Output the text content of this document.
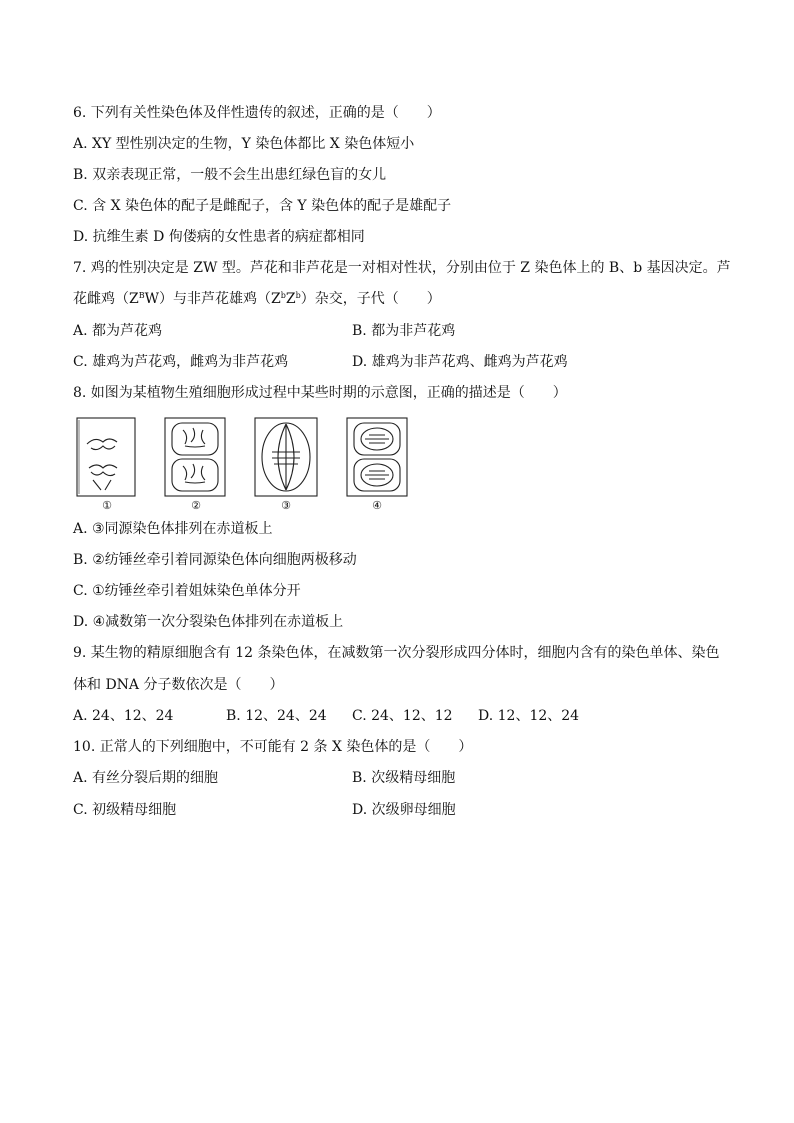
6. 下列有关性染色体及伴性遗传的叙述，正确的是（　　）
A. XY 型性别决定的生物，Y 染色体都比 X 染色体短小
B. 双亲表现正常，一般不会生出患红绿色盲的女儿
C. 含 X 染色体的配子是雌配子，含 Y 染色体的配子是雄配子
D. 抗维生素 D 佝偻病的女性患者的病症都相同
7. 鸡的性别决定是 ZW 型。芦花和非芦花是一对相对性状，分别由位于 Z 染色体上的 B、b 基因决定。芦
花雌鸡$(Z^BW)$与非芦花雄鸡$(Z^bZ^b)$杂交，子代（　　）
A. 都为芦花鸡	B. 都为非芦花鸡
C. 雄鸡为芦花鸡，雌鸡为非芦花鸡	D. 雄鸡为非芦花鸡、雌鸡为芦花鸡
8. 如图为某植物生殖细胞形成过程中某些时期的示意图，正确的描述是（　　）
①	②	③	④
A. ③同源染色体排列在赤道板上
B. ②纺锤丝牵引着同源染色体向细胞两极移动
C. ①纺锤丝牵引着姐妹染色单体分开
D. ④减数第一次分裂染色体排列在赤道板上
9. 某生物的精原细胞含有 12 条染色体，在减数第一次分裂形成四分体时，细胞内含有的染色单体、染色
体和 DNA 分子数依次是（　　）
A. 24、12、24	B. 12、24、24 C. 24、12、12 D. 12、12、24
10. 正常人的下列细胞中，不可能有 2 条 X 染色体的是（　　）
A. 有丝分裂后期的细胞	B. 次级精母细胞
C. 初级精母细胞	D. 次级卵母细胞
